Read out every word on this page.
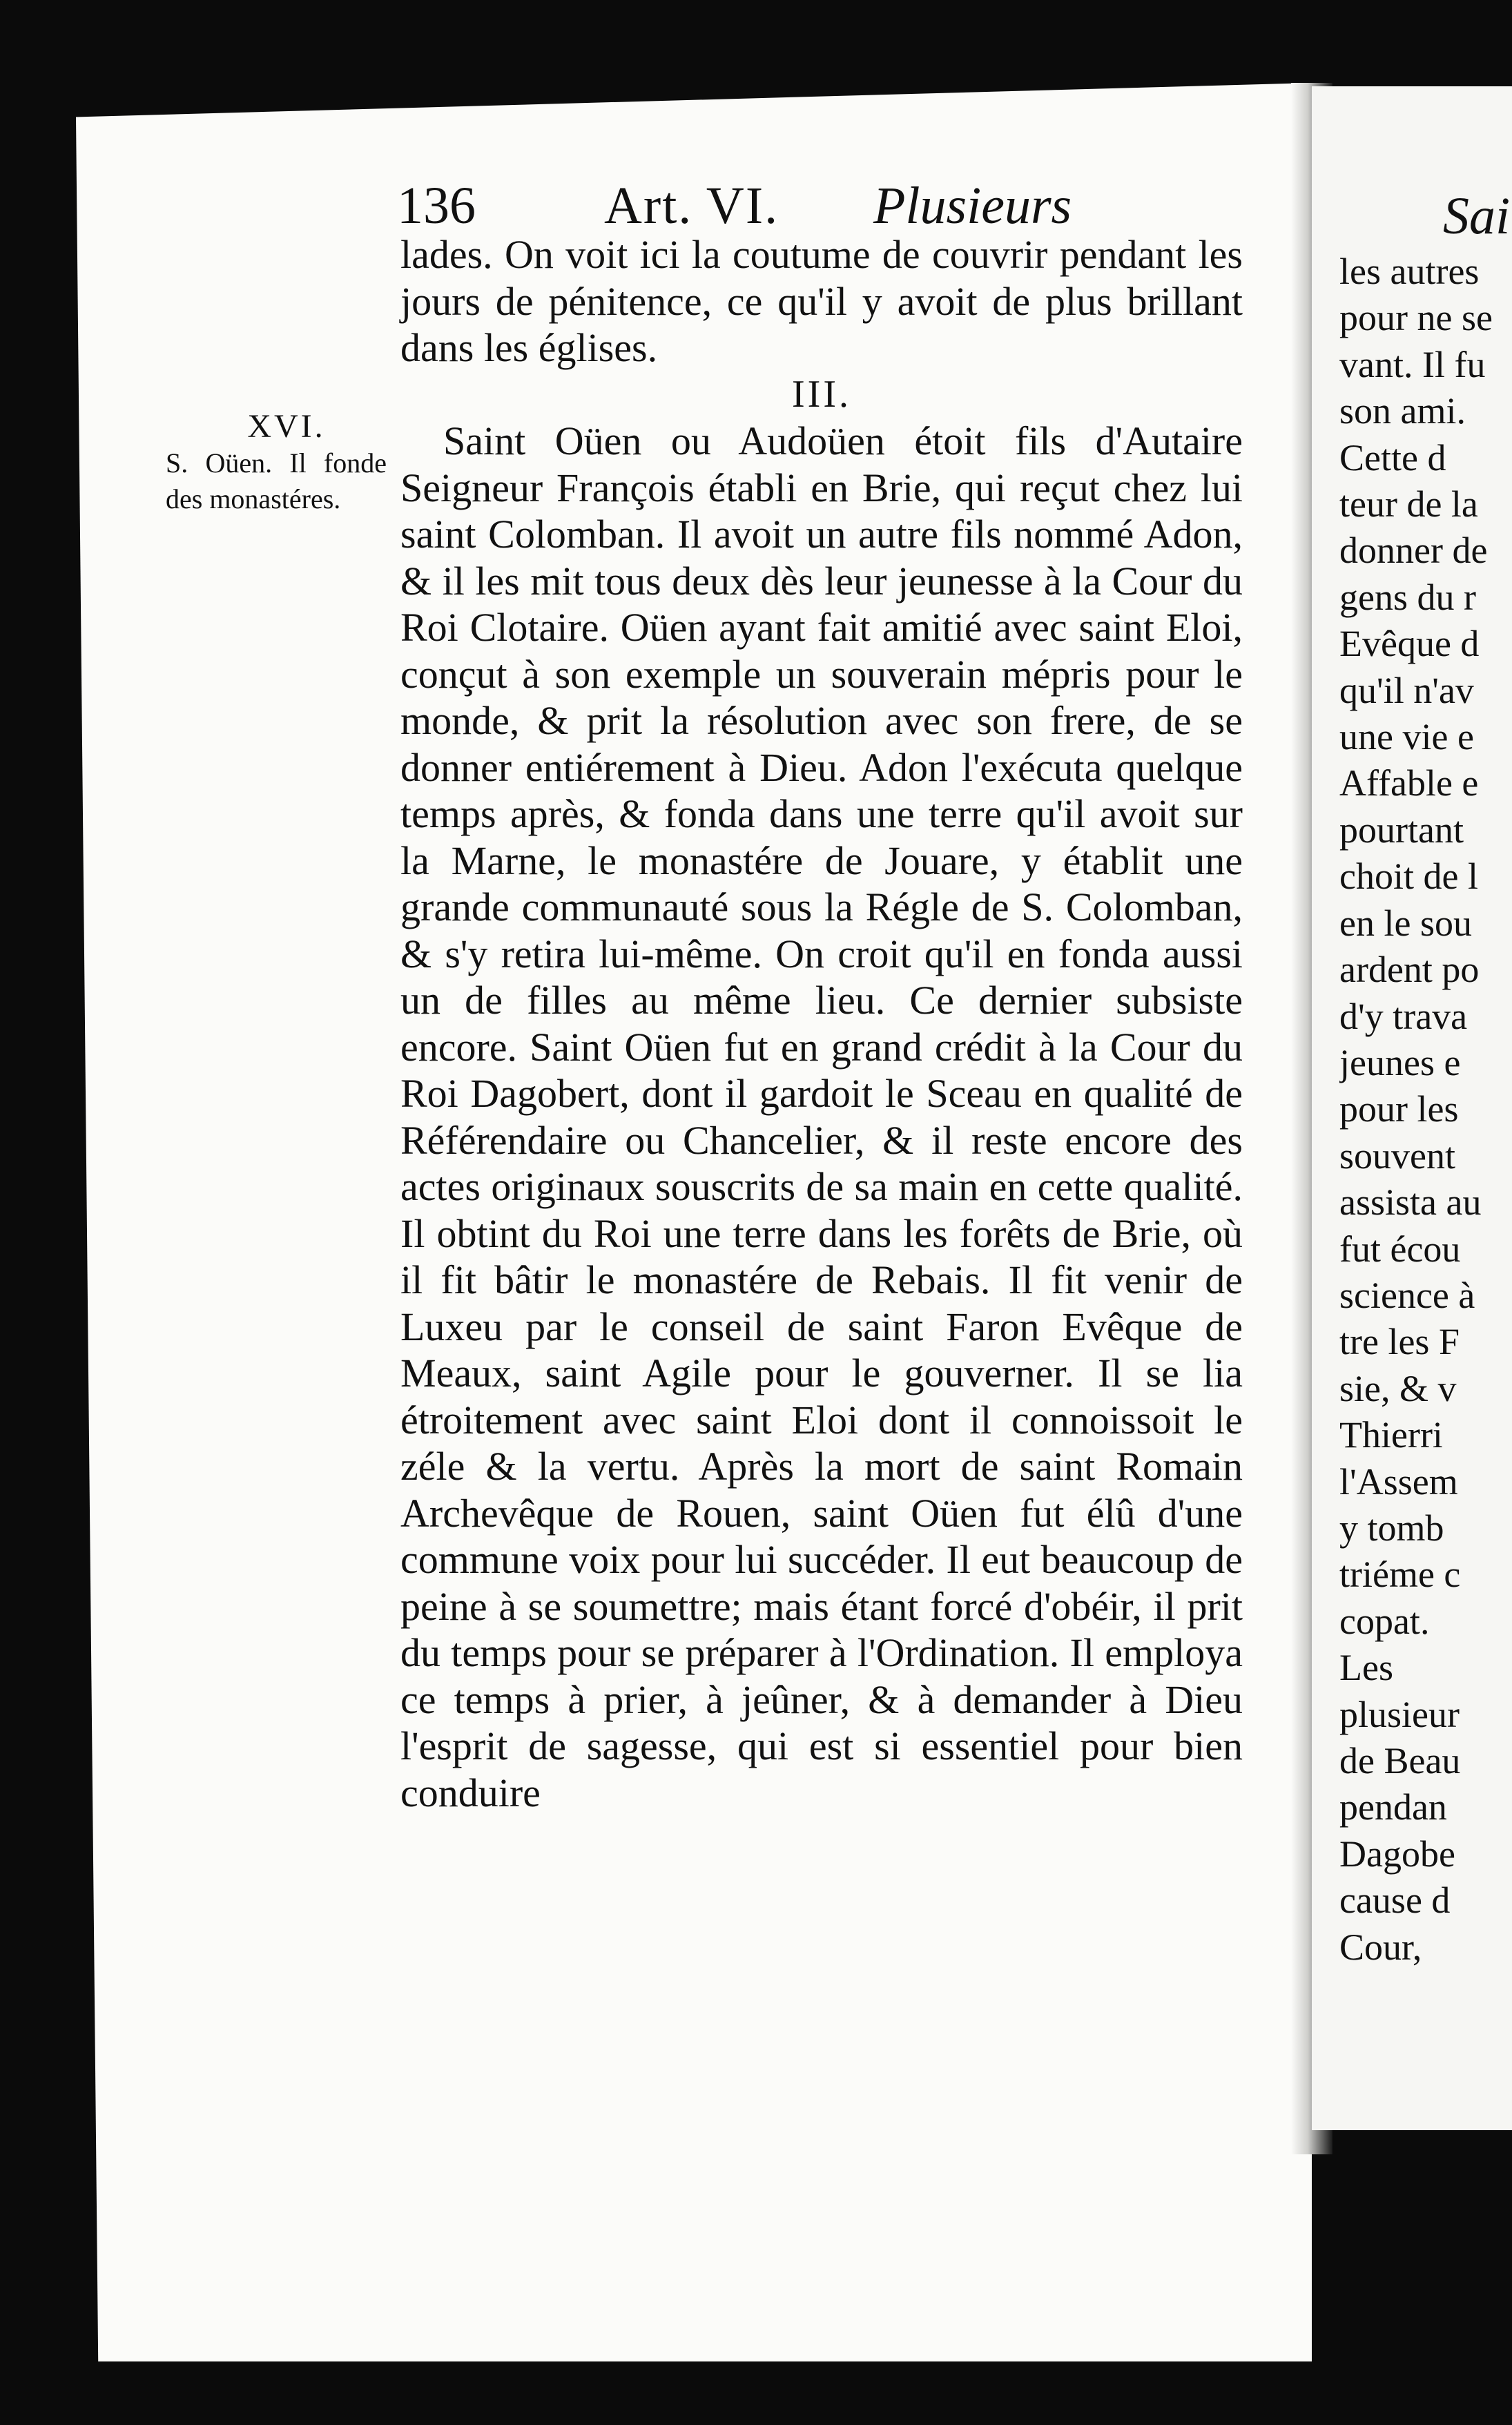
136 Art. VI. Plusieurs
XVI.
S. Oüen. Il fonde des monastéres.

lades. On voit ici la coutume de couvrir pendant les jours de pénitence, ce qu'il y avoit de plus brillant dans les églises.

III.

Saint Oüen ou Audoüen étoit fils d'Autaire Seigneur François établi en Brie, qui reçut chez lui saint Colomban. Il avoit un autre fils nommé Adon, & il les mit tous deux dès leur jeunesse à la Cour du Roi Clotaire. Oüen ayant fait amitié avec saint Eloi, conçut à son exemple un souverain mépris pour le monde, & prit la résolution avec son frere, de se donner entiérement à Dieu. Adon l'exécuta quelque temps après, & fonda dans une terre qu'il avoit sur la Marne, le monastére de Jouare, y établit une grande communauté sous la Régle de S. Colomban, & s'y retira lui-même. On croit qu'il en fonda aussi un de filles au même lieu. Ce dernier subsiste encore. Saint Oüen fut en grand crédit à la Cour du Roi Dagobert, dont il gardoit le Sceau en qualité de Référendaire ou Chancelier, & il reste encore des actes originaux souscrits de sa main en cette qualité. Il obtint du Roi une terre dans les forêts de Brie, où il fit bâtir le monastére de Rebais. Il fit venir de Luxeu par le conseil de saint Faron Evêque de Meaux, saint Agile pour le gouverner. Il se lia étroitement avec saint Eloi dont il connoissoit le zéle & la vertu. Après la mort de saint Romain Archevêque de Rouen, saint Oüen fut élû d'une commune voix pour lui succéder. Il eut beaucoup de peine à se soumettre; mais étant forcé d'obéir, il prit du temps pour se préparer à l'Ordination. Il employa ce temps à prier, à jeûner, & à demander à Dieu l'esprit de sagesse, qui est si essentiel pour bien conduire

Sai

les autres

pour ne se

vant. Il fu

son ami.

Cette d

teur de la

donner de

gens du r

Evêque d

qu'il n'av

une vie e

Affable e

pourtant

choit de l

en le sou

ardent po

d'y trava

jeunes e

pour les

souvent

assista au

fut écou

science à

tre les F

sie, & v

Thierri

l'Assem

y tomb

triéme c

copat.

Les

plusieur

de Beau

pendan

Dagobe

cause d

Cour,
